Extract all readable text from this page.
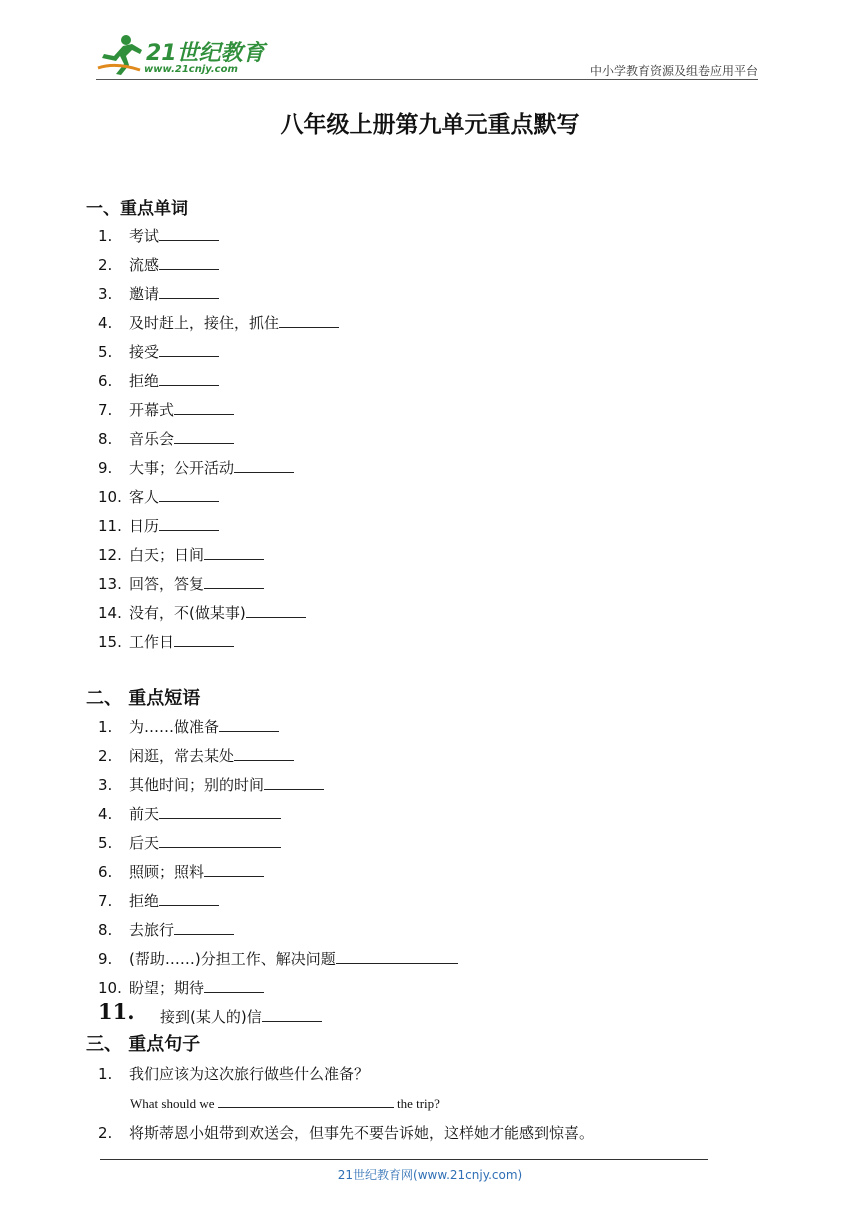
21世纪教育
www.21cnjy.com	中小学教育资源及组卷应用平台
八年级上册第九单元重点默写
一、重点单词
1. 考试
2. 流感
3. 邀请
4. 及时赶上，接住，抓住
5. 接受
6. 拒绝
7. 开幕式
8. 音乐会
9. 大事；公开活动
10. 客人
11. 日历
12. 白天；日间
13. 回答，答复
14. 没有，不(做某事)
15. 工作日
二、 重点短语
1. 为……做准备
2. 闲逛，常去某处
3. 其他时间；别的时间
4. 前天
5. 后天
6. 照顾；照料
7. 拒绝
8. 去旅行
9. (帮助……)分担工作、解决问题
10. 盼望；期待
11. 接到(某人的)信
三、 重点句子
1. 我们应该为这次旅行做些什么准备？
What should we	the trip?
2. 将斯蒂恩小姐带到欢送会，但事先不要告诉她，这样她才能感到惊喜。
21世纪教育网(www.21cnjy.com)
